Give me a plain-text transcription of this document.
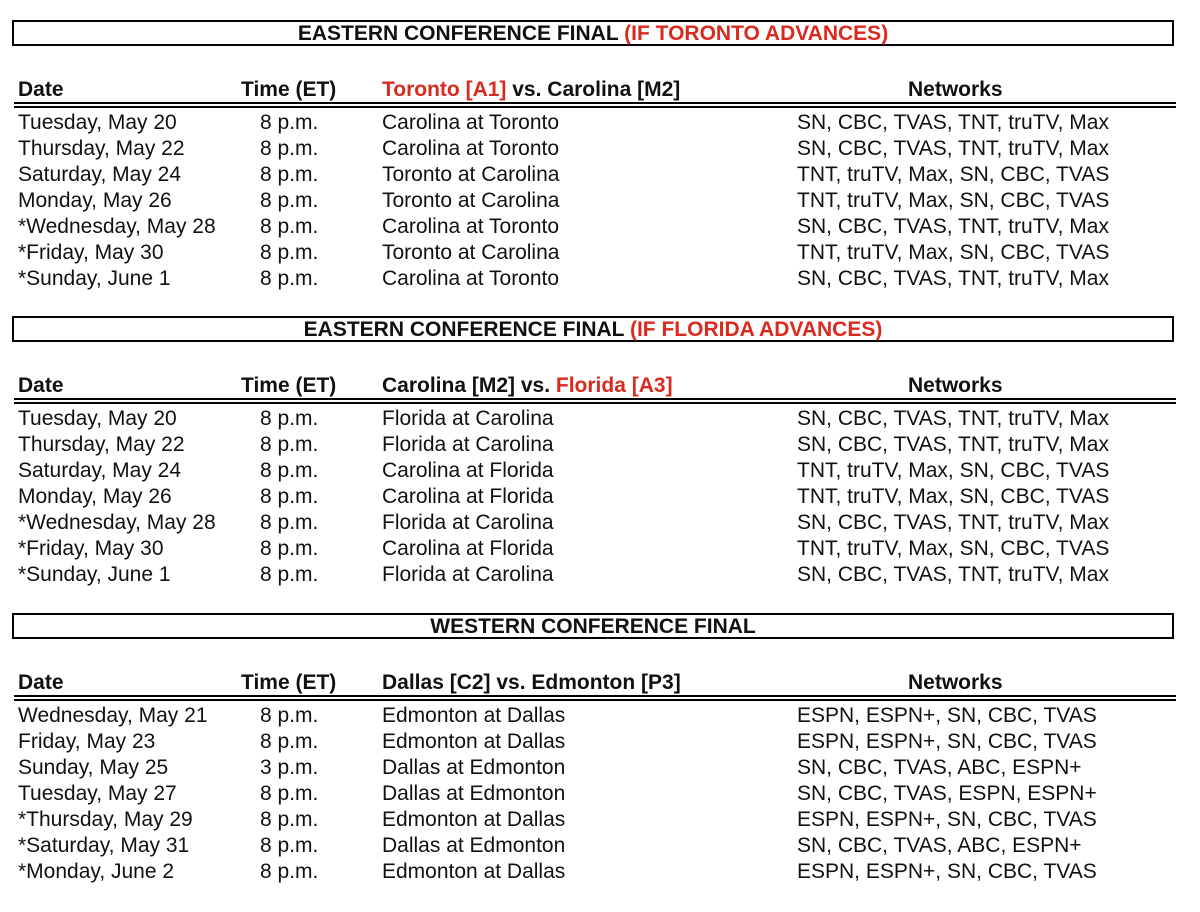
EASTERN CONFERENCE FINAL (IF TORONTO ADVANCES)
Date	Time (ET) Toronto [A1] vs. Carolina [M2]	Networks
Tuesday, May 20	8 p.m.	Carolina at Toronto	SN, CBC, TVAS, TNT, truTV, Max
Thursday, May 22	8 p.m.	Carolina at Toronto	SN, CBC, TVAS, TNT, truTV, Max
Saturday, May 24	8 p.m.	Toronto at Carolina	TNT, truTV, Max, SN, CBC, TVAS
Monday, May 26	8 p.m.	Toronto at Carolina	TNT, truTV, Max, SN, CBC, TVAS
*Wednesday, May 28 8 p.m.	Carolina at Toronto	SN, CBC, TVAS, TNT, truTV, Max
*Friday, May 30	8 p.m.	Toronto at Carolina	TNT, truTV, Max, SN, CBC, TVAS
*Sunday, June 1	8 p.m.	Carolina at Toronto	SN, CBC, TVAS, TNT, truTV, Max
EASTERN CONFERENCE FINAL (IF FLORIDA ADVANCES)
Date	Time (ET) Carolina [M2] vs. Florida [A3]	Networks
Tuesday, May 20	8 p.m.	Florida at Carolina	SN, CBC, TVAS, TNT, truTV, Max
Thursday, May 22	8 p.m.	Florida at Carolina	SN, CBC, TVAS, TNT, truTV, Max
Saturday, May 24	8 p.m.	Carolina at Florida	TNT, truTV, Max, SN, CBC, TVAS
Monday, May 26	8 p.m.	Carolina at Florida	TNT, truTV, Max, SN, CBC, TVAS
*Wednesday, May 28 8 p.m.	Florida at Carolina	SN, CBC, TVAS, TNT, truTV, Max
*Friday, May 30	8 p.m.	Carolina at Florida	TNT, truTV, Max, SN, CBC, TVAS
*Sunday, June 1	8 p.m.	Florida at Carolina	SN, CBC, TVAS, TNT, truTV, Max
WESTERN CONFERENCE FINAL
Date	Time (ET) Dallas [C2] vs. Edmonton [P3]	Networks
Wednesday, May 21	8 p.m.	Edmonton at Dallas	ESPN, ESPN+, SN, CBC, TVAS
Friday, May 23	8 p.m.	Edmonton at Dallas	ESPN, ESPN+, SN, CBC, TVAS
Sunday, May 25	3 p.m.	Dallas at Edmonton	SN, CBC, TVAS, ABC, ESPN+
Tuesday, May 27	8 p.m.	Dallas at Edmonton	SN, CBC, TVAS, ESPN, ESPN+
*Thursday, May 29	8 p.m.	Edmonton at Dallas	ESPN, ESPN+, SN, CBC, TVAS
*Saturday, May 31	8 p.m.	Dallas at Edmonton	SN, CBC, TVAS, ABC, ESPN+
*Monday, June 2	8 p.m.	Edmonton at Dallas	ESPN, ESPN+, SN, CBC, TVAS
